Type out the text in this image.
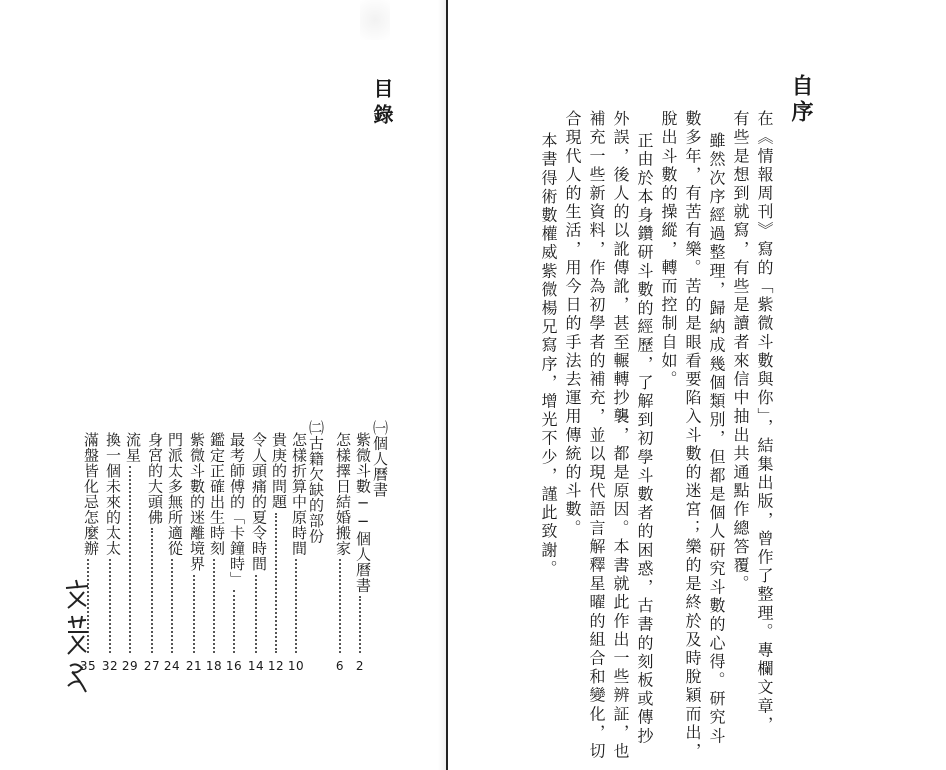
目錄
㈠個人曆書
紫微斗數──個人曆書
2
怎樣擇日結婚搬家
6
㈡古籍欠缺的部份
怎樣折算中原時間
10
貴庚的問題
12
令人頭痛的夏令時間
14
最考師傅的「卡鐘時」
16
鑑定正確出生時刻
18
紫微斗數的迷離境界
21
門派太多無所適從
24
身宮的大頭佛
27
流星
29
換一個未來的太太
32
滿盤皆化忌怎麼辦
35
自序
在《情報周刊》寫的「紫微斗數與你」，結集出版，曾作了整理。專欄文章，
有些是想到就寫，有些是讀者來信中抽出共通點作總答覆。
雖然次序經過整理，歸納成幾個類別，但都是個人研究斗數的心得。研究斗
數多年，有苦有樂。苦的是眼看要陷入斗數的迷宮；樂的是終於及時脫穎而出，
脫出斗數的操縱，轉而控制自如。
正由於本身鑽研斗數的經歷，了解到初學斗數者的困惑，古書的刻板或傳抄
外誤，後人的以訛傳訛，甚至輾轉抄襲，都是原因。本書就此作出一些辨証，也
補充一些新資料，作為初學者的補充，並以現代語言解釋星曜的組合和變化，切
合現代人的生活，用今日的手法去運用傳統的斗數。
本書得術數權威紫微楊兄寫序，增光不少，謹此致謝。
